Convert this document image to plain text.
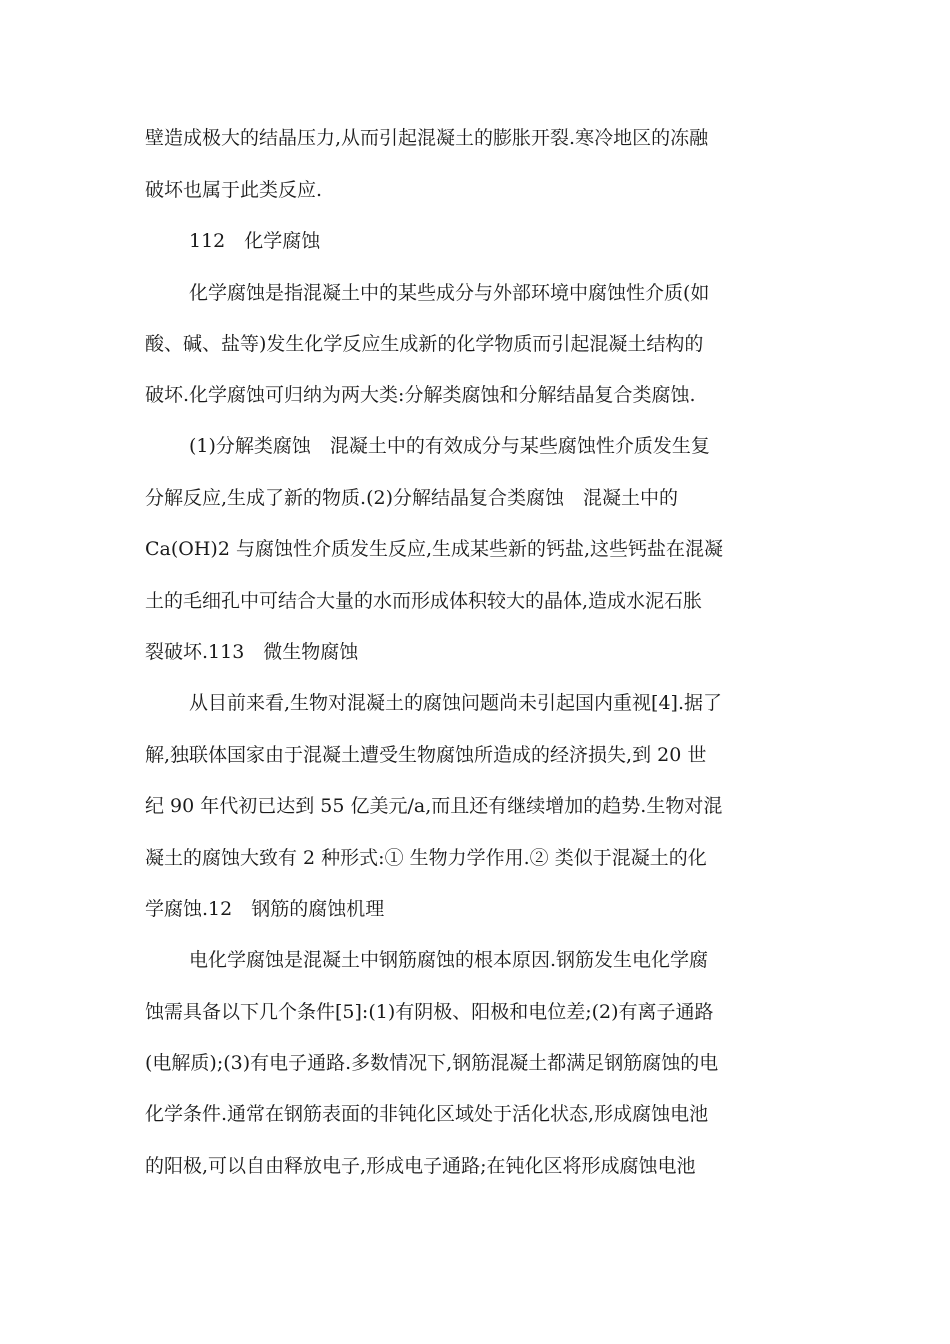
壁造成极大的结晶压力,从而引起混凝土的膨胀开裂.寒冷地区的冻融
破坏也属于此类反应.
112　化学腐蚀
化学腐蚀是指混凝土中的某些成分与外部环境中腐蚀性介质(如
酸、碱、盐等)发生化学反应生成新的化学物质而引起混凝土结构的
破坏.化学腐蚀可归纳为两大类:分解类腐蚀和分解结晶复合类腐蚀.
(1)分解类腐蚀　混凝土中的有效成分与某些腐蚀性介质发生复
分解反应,生成了新的物质.(2)分解结晶复合类腐蚀　混凝土中的
Ca(OH)2 与腐蚀性介质发生反应,生成某些新的钙盐,这些钙盐在混凝
土的毛细孔中可结合大量的水而形成体积较大的晶体,造成水泥石胀
裂破坏.113　微生物腐蚀
从目前来看,生物对混凝土的腐蚀问题尚未引起国内重视[4].据了
解,独联体国家由于混凝土遭受生物腐蚀所造成的经济损失,到 20 世
纪 90 年代初已达到 55 亿美元/a,而且还有继续增加的趋势.生物对混
凝土的腐蚀大致有 2 种形式:① 生物力学作用.② 类似于混凝土的化
学腐蚀.12　钢筋的腐蚀机理
电化学腐蚀是混凝土中钢筋腐蚀的根本原因.钢筋发生电化学腐
蚀需具备以下几个条件[5]:(1)有阴极、阳极和电位差;(2)有离子通路
(电解质);(3)有电子通路.多数情况下,钢筋混凝土都满足钢筋腐蚀的电
化学条件.通常在钢筋表面的非钝化区域处于活化状态,形成腐蚀电池
的阳极,可以自由释放电子,形成电子通路;在钝化区将形成腐蚀电池
